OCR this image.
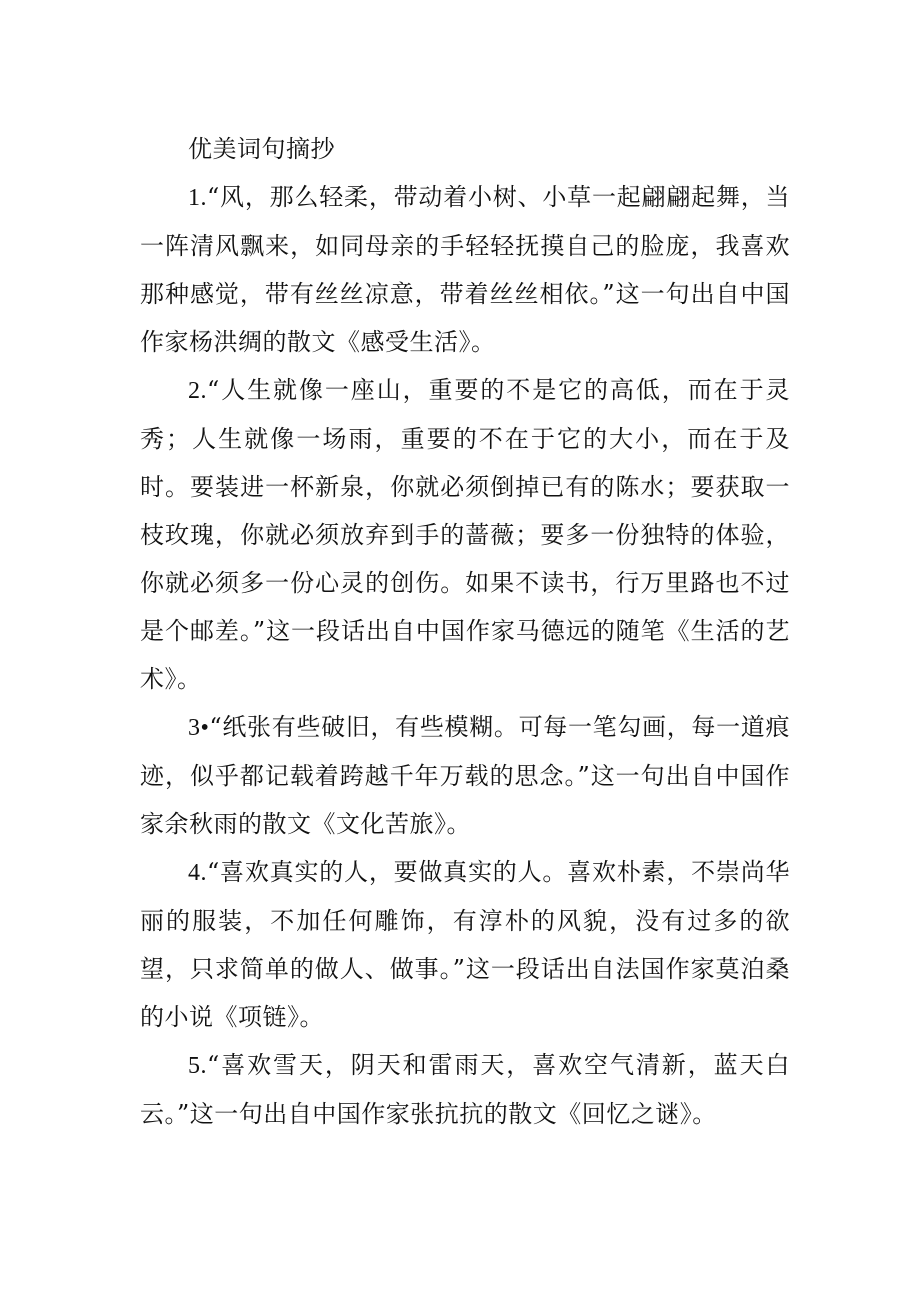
优美词句摘抄

1.“风，那么轻柔，带动着小树、小草一起翩翩起舞，当一阵清风飘来，如同母亲的手轻轻抚摸自己的脸庞，我喜欢那种感觉，带有丝丝凉意，带着丝丝相依。”这一句出自中国作家杨洪绸的散文《感受生活》。

2.“人生就像一座山，重要的不是它的高低，而在于灵秀；人生就像一场雨，重要的不在于它的大小，而在于及时。要装进一杯新泉，你就必须倒掉已有的陈水；要获取一枝玫瑰，你就必须放弃到手的蔷薇；要多一份独特的体验，你就必须多一份心灵的创伤。如果不读书，行万里路也不过是个邮差。”这一段话出自中国作家马德远的随笔《生活的艺术》。

3•“纸张有些破旧，有些模糊。可每一笔勾画，每一道痕迹，似乎都记载着跨越千年万载的思念。”这一句出自中国作家余秋雨的散文《文化苦旅》。

4.“喜欢真实的人，要做真实的人。喜欢朴素，不崇尚华丽的服装，不加任何雕饰，有淳朴的风貌，没有过多的欲望，只求简单的做人、做事。”这一段话出自法国作家莫泊桑的小说《项链》。

5.“喜欢雪天，阴天和雷雨天，喜欢空气清新，蓝天白云。”这一句出自中国作家张抗抗的散文《回忆之谜》。
